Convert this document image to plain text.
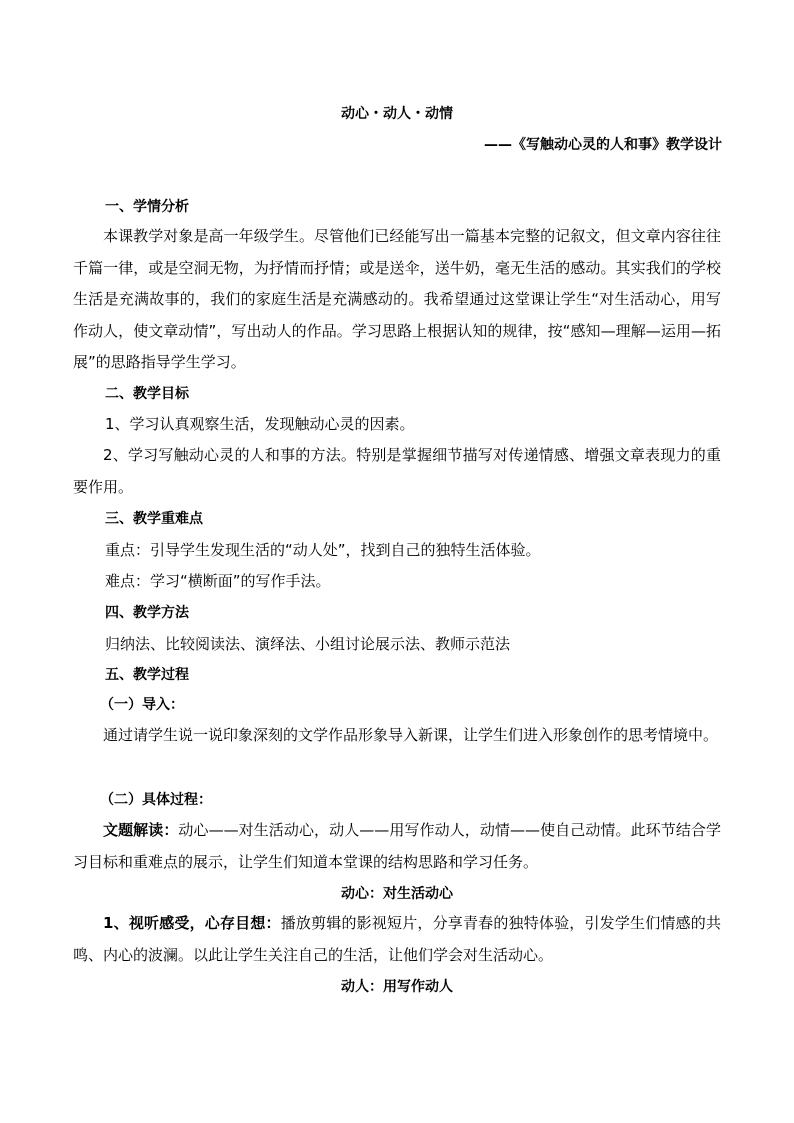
动心・动人・动情
——《写触动心灵的人和事》教学设计
一、学情分析
本课教学对象是高一年级学生。尽管他们已经能写出一篇基本完整的记叙文，但文章内容往往千篇一律，或是空洞无物，为抒情而抒情；或是送伞，送牛奶，毫无生活的感动。其实我们的学校生活是充满故事的，我们的家庭生活是充满感动的。我希望通过这堂课让学生“对生活动心，用写作动人，使文章动情”，写出动人的作品。学习思路上根据认知的规律，按“感知—理解—运用—拓展”的思路指导学生学习。
二、教学目标
1、学习认真观察生活，发现触动心灵的因素。
2、学习写触动心灵的人和事的方法。特别是掌握细节描写对传递情感、增强文章表现力的重要作用。
三、教学重难点
重点：引导学生发现生活的“动人处”，找到自己的独特生活体验。
难点：学习“横断面”的写作手法。
四、教学方法
归纳法、比较阅读法、演绎法、小组讨论展示法、教师示范法
五、教学过程
（一）导入：
通过请学生说一说印象深刻的文学作品形象导入新课，让学生们进入形象创作的思考情境中。
（二）具体过程：
文题解读：动心——对生活动心，动人——用写作动人，动情——使自己动情。此环节结合学习目标和重难点的展示，让学生们知道本堂课的结构思路和学习任务。
动心：对生活动心
1、视听感受，心存目想：播放剪辑的影视短片，分享青春的独特体验，引发学生们情感的共鸣、内心的波澜。以此让学生关注自己的生活，让他们学会对生活动心。
动人：用写作动人
